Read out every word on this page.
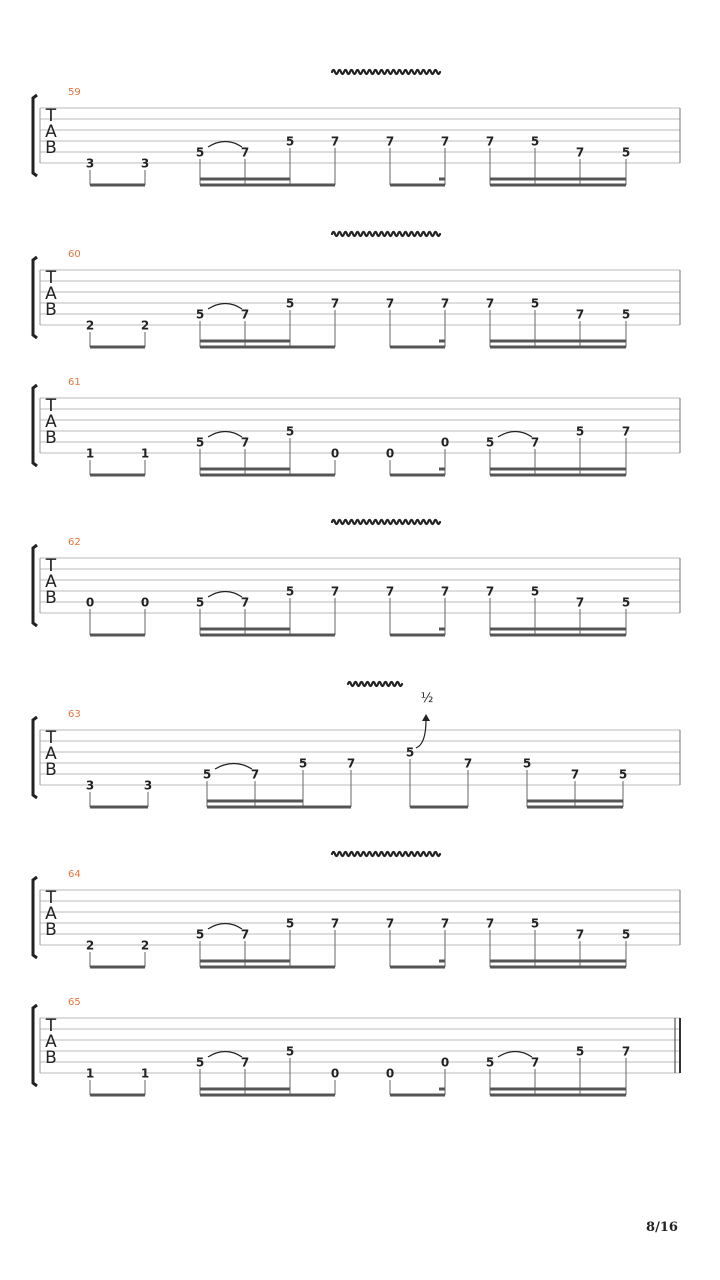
T
A
B
59
3	3
5	7
5	7	7	7	7	5
7	5
T
A
B
60
2	2
5	7
5	7	7	7	7	5
7	5
T
A
B
61
1	1
5	7
5
0	0
0	5	7
5	7
T
A
B
62
0	0	5	7
5	7	7	7	7	5
7	5
T
A
B
63
3	3
5	7
5	7
5
7	5
7	5
½
T
A
B
64
2	2
5	7
5	7	7	7	7	5
7	5
T
A
B
65
1	1
5	7
5
0	0
0	5	7
5	7
8/16
